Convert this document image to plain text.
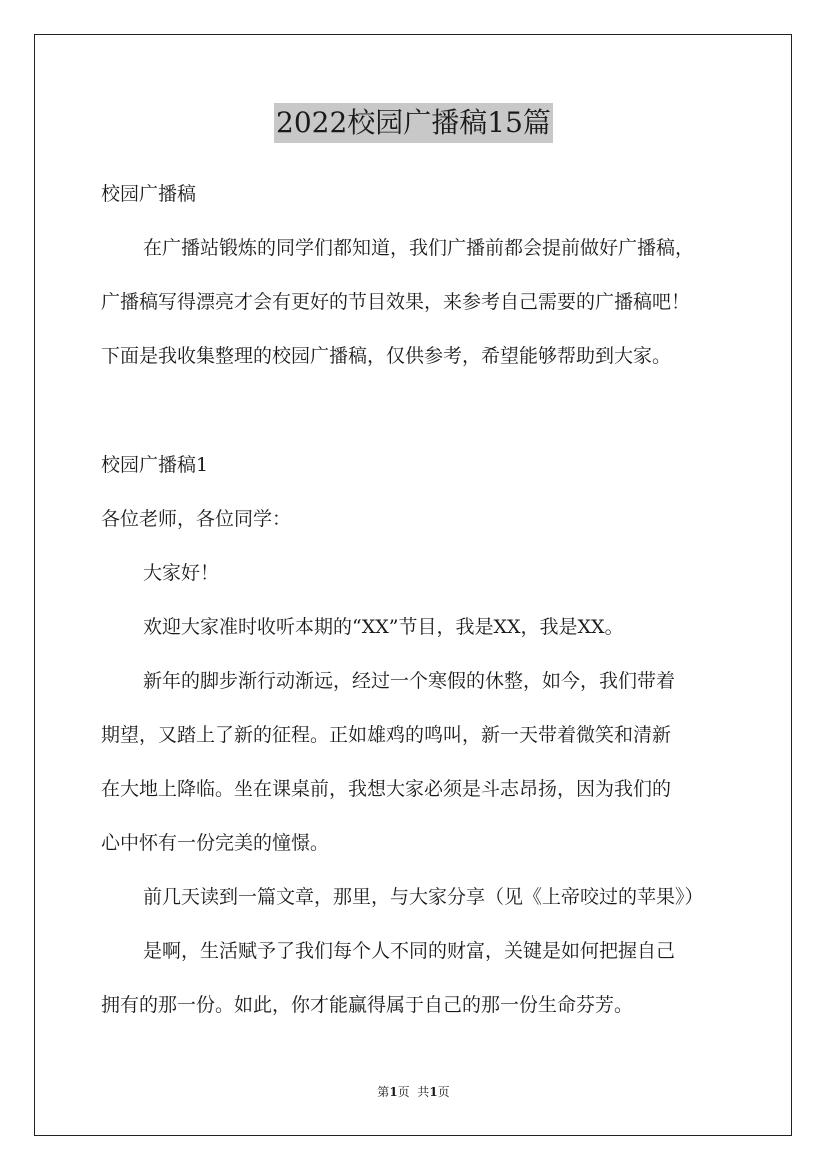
2022校园广播稿15篇
校园广播稿
在广播站锻炼的同学们都知道，我们广播前都会提前做好广播稿，
广播稿写得漂亮才会有更好的节目效果，来参考自己需要的广播稿吧！
下面是我收集整理的校园广播稿，仅供参考，希望能够帮助到大家。
校园广播稿1
各位老师，各位同学：
大家好！
欢迎大家准时收听本期的“XX”节目，我是XX，我是XX。
新年的脚步渐行动渐远，经过一个寒假的休整，如今，我们带着
期望，又踏上了新的征程。正如雄鸡的鸣叫，新一天带着微笑和清新
在大地上降临。坐在课桌前，我想大家必须是斗志昂扬，因为我们的
心中怀有一份完美的憧憬。
前几天读到一篇文章，那里，与大家分享（见《上帝咬过的苹果》）
是啊，生活赋予了我们每个人不同的财富，关键是如何把握自己
拥有的那一份。如此，你才能赢得属于自己的那一份生命芬芳。
第1页  共1页
